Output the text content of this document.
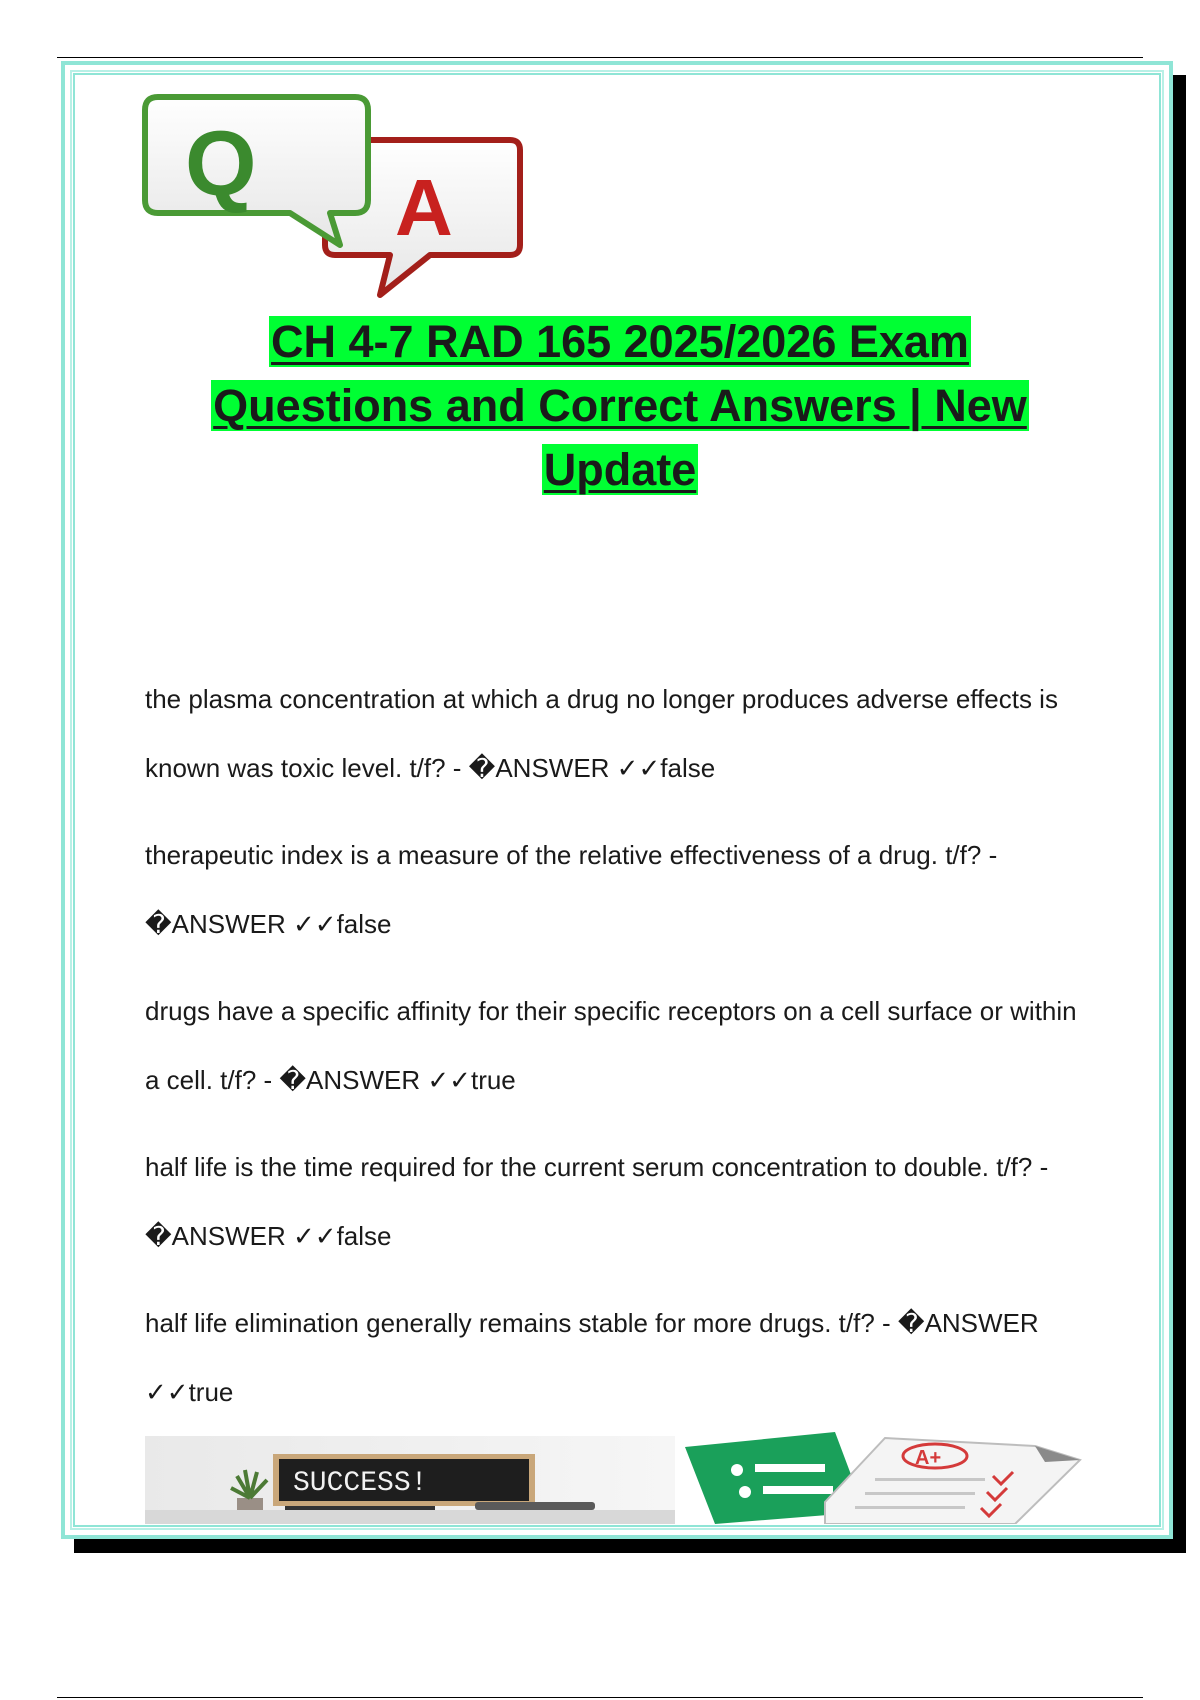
A
Q
CH 4-7 RAD 165 2025/2026 Exam
Questions and Correct Answers | New
Update
the plasma concentration at which a drug no longer produces adverse effects is known was toxic level. t/f? - �ANSWER ✓✓false
therapeutic index is a measure of the relative effectiveness of a drug. t/f? - �ANSWER ✓✓false
drugs have a specific affinity for their specific receptors on a cell surface or within a cell. t/f? - �ANSWER ✓✓true
half life is the time required for the current serum concentration to double. t/f? - �ANSWER ✓✓false
half life elimination generally remains stable for more drugs. t/f? - �ANSWER ✓✓true
SUCCESS!
A+
